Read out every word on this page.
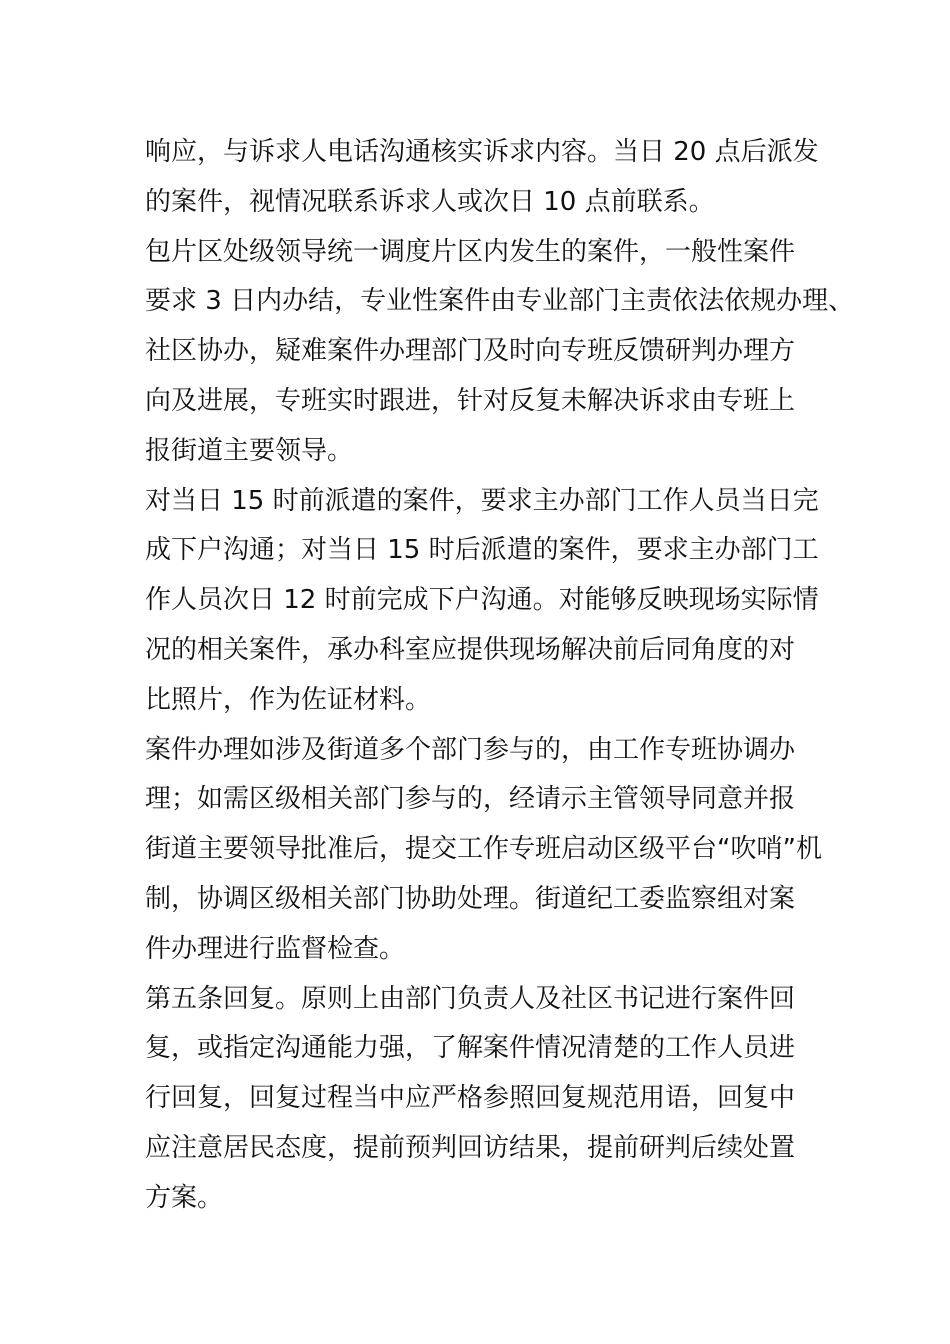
响应，与诉求人电话沟通核实诉求内容。当日 20 点后派发
的案件，视情况联系诉求人或次日 10 点前联系。
包片区处级领导统一调度片区内发生的案件，一般性案件
要求 3 日内办结，专业性案件由专业部门主责依法依规办理、
社区协办，疑难案件办理部门及时向专班反馈研判办理方
向及进展，专班实时跟进，针对反复未解决诉求由专班上
报街道主要领导。
对当日 15 时前派遣的案件，要求主办部门工作人员当日完
成下户沟通；对当日 15 时后派遣的案件，要求主办部门工
作人员次日 12 时前完成下户沟通。对能够反映现场实际情
况的相关案件，承办科室应提供现场解决前后同角度的对
比照片，作为佐证材料。
案件办理如涉及街道多个部门参与的，由工作专班协调办
理；如需区级相关部门参与的，经请示主管领导同意并报
街道主要领导批准后，提交工作专班启动区级平台“吹哨”机
制，协调区级相关部门协助处理。街道纪工委监察组对案
件办理进行监督检查。
第五条回复。原则上由部门负责人及社区书记进行案件回
复，或指定沟通能力强，了解案件情况清楚的工作人员进
行回复，回复过程当中应严格参照回复规范用语，回复中
应注意居民态度，提前预判回访结果，提前研判后续处置
方案。
